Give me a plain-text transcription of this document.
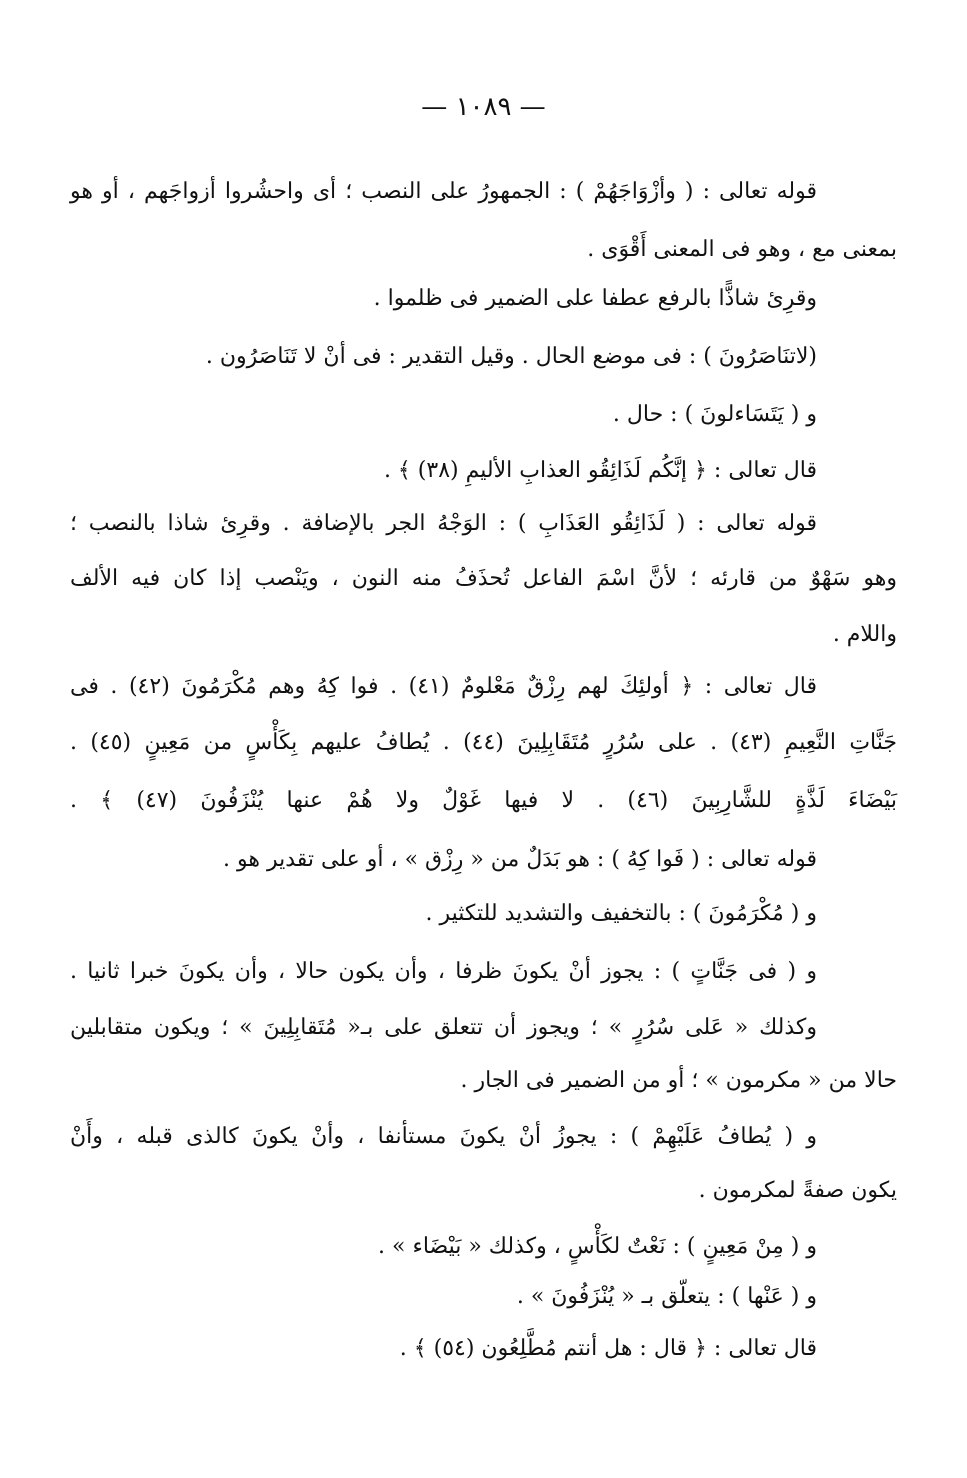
— ١٠٨٩ —
قوله تعالى : ( وأزْوَاجَهُمْ ) : الجمهورُ على النصب ؛ أى واحشُروا أزواجَهم ، أو هو
بمعنى مع ، وهو فى المعنى أَقْوَى .
وقرِئ شاذًّا بالرفع عطفا على الضمير فى ظلموا .
(لاتنَاصَرُونَ ) : فى موضع الحال . وقيل التقدير : فى أنْ لا تَنَاصَرُون .
و ( يَتَسَاءلونَ ) : حال .
قال تعالى : ﴿ إنَّكُم لَذَائِقُو العذابِ الأليمِ (٣٨) ﴾ .
قوله تعالى : ( لَذَائِقُو العَذَابِ ) : الوَجْهُ الجر بالإضافة . وقرِئ شاذا بالنصب ؛
وهو سَهْوٌ من قارئه ؛ لأنَّ اسْمَ الفاعل تُحذَفُ منه النون ، ويَنْصب إذا كان فيه الألف
واللام .
قال تعالى : ﴿ أولئِكَ لهم رِزْقٌ مَعْلومٌ (٤١) . فوا كِهُ وهم مُكْرَمُونَ (٤٢) . فى
جَنَّاتِ النَّعِيمِ (٤٣) . على سُرُرٍ مُتَقَابِلِينَ (٤٤) . يُطافُ عليهم بِكَأْسٍ من مَعِينٍ (٤٥) .
بَيْضَاءَ لَذَّةٍ للشَّارِبِينَ (٤٦) . لا فيها غَوْلٌ ولا هُمْ عنها يُنْزَفُونَ (٤٧) ﴾ .
قوله تعالى : ( فَوا كِهُ ) : هو بَدَلٌ من « رِزْق » ، أو على تقدير هو .
و ( مُكْرَمُونَ ) : بالتخفيف والتشديد للتكثير .
و ( فى جَنَّاتٍ ) : يجوز أنْ يكونَ ظرفا ، وأن يكون حالا ، وأن يكونَ خبرا ثانيا .
وكذلك « عَلى سُرُرٍ » ؛ ويجوز أن تتعلق على بـ« مُتَقابِلِينَ » ؛ ويكون متقابلين
حالا من « مكرمون » ؛ أو من الضمير فى الجار .
و ( يُطافُ عَلَيْهِمْ ) : يجوزُ أنْ يكونَ مستأنفا ، وأنْ يكونَ كالذى قبله ، وأَنْ
يكون صفةً لمكرمون .
و ( مِنْ مَعِينٍ ) : نَعْتٌ لكَأْسٍ ، وكذلك « بَيْضَاء » .
و ( عَنْها ) : يتعلّق بـ « يُنْزَفُونَ » .
قال تعالى : ﴿ قال : هل أنتم مُطَّلِعُون (٥٤) ﴾ .
